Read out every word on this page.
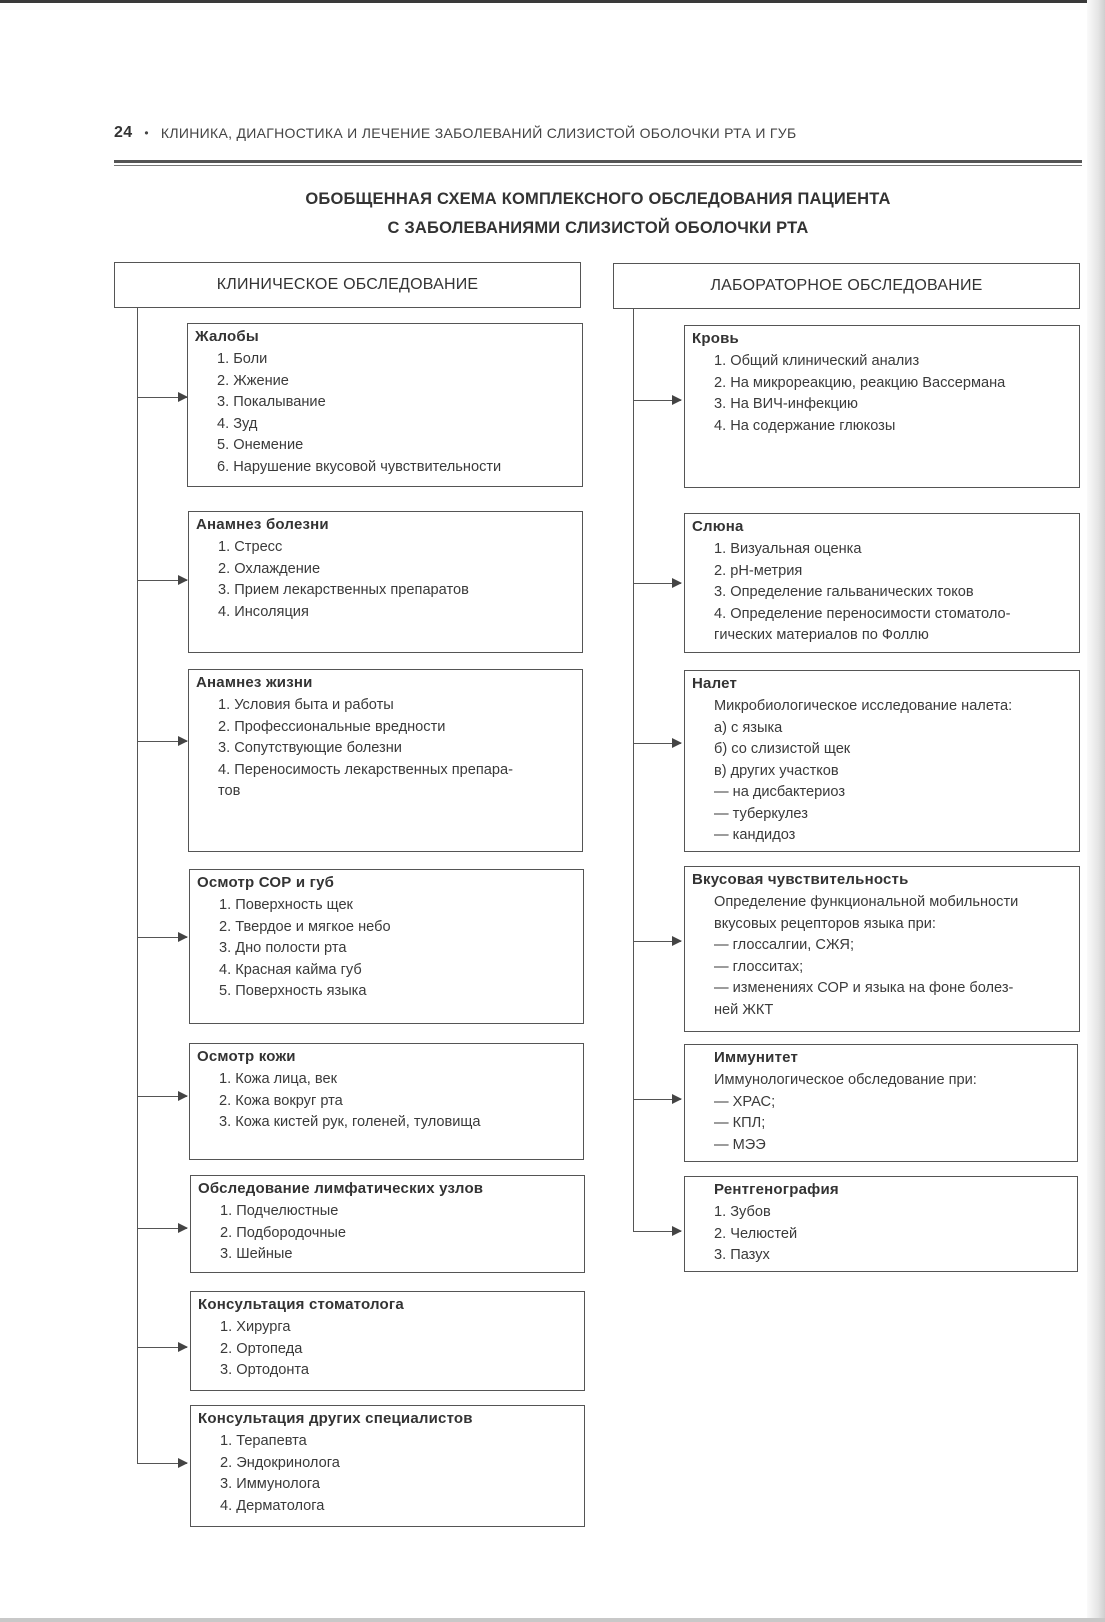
24 • КЛИНИКА, ДИАГНОСТИКА И ЛЕЧЕНИЕ ЗАБОЛЕВАНИЙ СЛИЗИСТОЙ ОБОЛОЧКИ РТА И ГУБ
ОБОБЩЕННАЯ СХЕМА КОМПЛЕКСНОГО ОБСЛЕДОВАНИЯ ПАЦИЕНТА
С ЗАБОЛЕВАНИЯМИ СЛИЗИСТОЙ ОБОЛОЧКИ РТА
КЛИНИЧЕСКОЕ ОБСЛЕДОВАНИЕ	ЛАБОРАТОРНОЕ ОБСЛЕДОВАНИЕ
Жалобы
1. Боли
2. Жжение
3. Покалывание
4. Зуд
5. Онемение
6. Нарушение вкусовой чувствительности
Анамнез болезни
1. Стресс
2. Охлаждение
3. Прием лекарственных препаратов
4. Инсоляция
Анамнез жизни
1. Условия быта и работы
2. Профессиональные вредности
3. Сопутствующие болезни
4. Переносимость лекарственных препара-
тов
Осмотр СОР и губ
1. Поверхность щек
2. Твердое и мягкое небо
3. Дно полости рта
4. Красная кайма губ
5. Поверхность языка
Осмотр кожи
1. Кожа лица, век
2. Кожа вокруг рта
3. Кожа кистей рук, голеней, туловища
Обследование лимфатических узлов
1. Подчелюстные
2. Подбородочные
3. Шейные
Консультация стоматолога
1. Хирурга
2. Ортопеда
3. Ортодонта
Консультация других специалистов
1. Терапевта
2. Эндокринолога
3. Иммунолога
4. Дерматолога
Кровь
1. Общий клинический анализ
2. На микрореакцию, реакцию Вассермана
3. На ВИЧ-инфекцию
4. На содержание глюкозы
Слюна
1. Визуальная оценка
2. pH-метрия
3. Определение гальванических токов
4. Определение переносимости стоматоло-
гических материалов по Фоллю
Налет
Микробиологическое исследование налета:
а) с языка
б) со слизистой щек
в) других участков
— на дисбактериоз
— туберкулез
— кандидоз
Вкусовая чувствительность
Определение функциональной мобильности
вкусовых рецепторов языка при:
— глоссалгии, СЖЯ;
— глосситах;
— изменениях СОР и языка на фоне болез-
ней ЖКТ
Иммунитет
Иммунологическое обследование при:
— ХРАС;
— КПЛ;
— МЭЭ
Рентгенография
1. Зубов
2. Челюстей
3. Пазух
